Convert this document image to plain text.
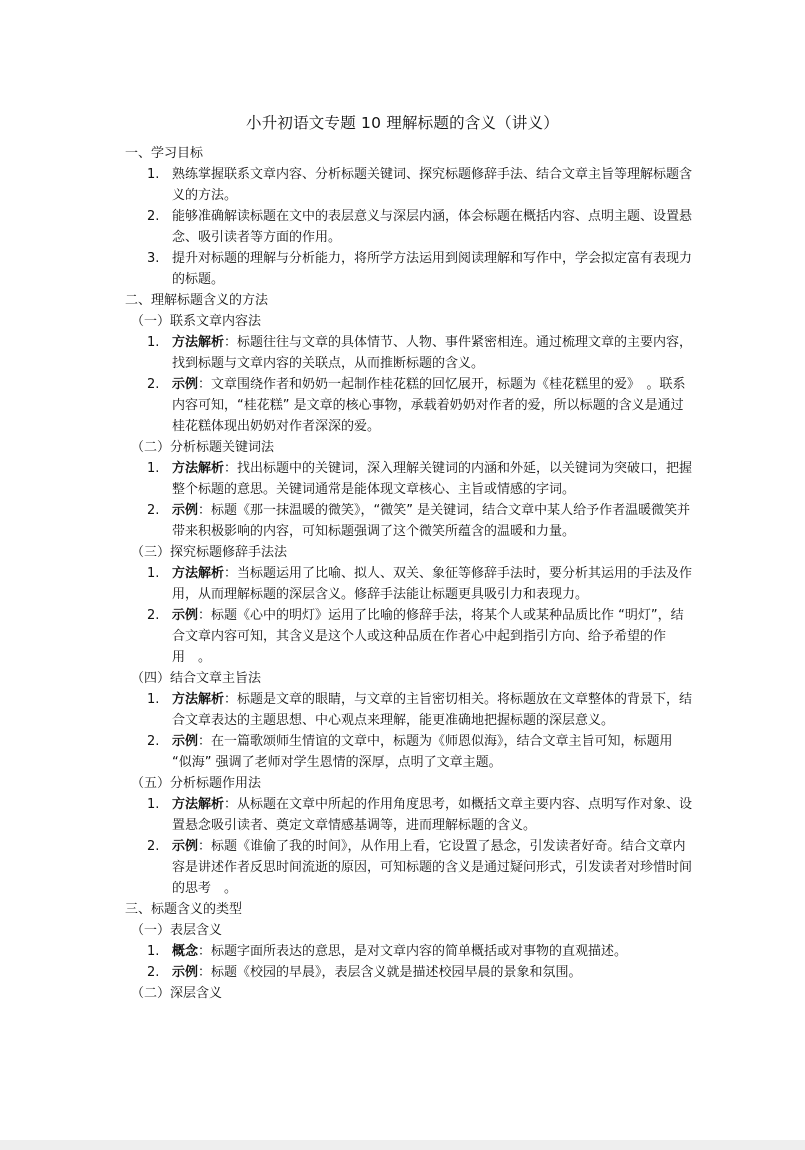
小升初语文专题 10 理解标题的含义（讲义）
一、学习目标
1. 熟练掌握联系文章内容、分析标题关键词、探究标题修辞手法、结合文章主旨等理解标题含义的方法。
2. 能够准确解读标题在文中的表层意义与深层内涵，体会标题在概括内容、点明主题、设置悬念、吸引读者等方面的作用。
3. 提升对标题的理解与分析能力，将所学方法运用到阅读理解和写作中，学会拟定富有表现力的标题。
二、理解标题含义的方法
（一）联系文章内容法
1. 方法解析：标题往往与文章的具体情节、人物、事件紧密相连。通过梳理文章的主要内容，找到标题与文章内容的关联点，从而推断标题的含义。
2. 示例：文章围绕作者和奶奶一起制作桂花糕的回忆展开，标题为《桂花糕里的爱》　。联系内容可知，“桂花糕” 是文章的核心事物，承载着奶奶对作者的爱，所以标题的含义是通过桂花糕体现出奶奶对作者深深的爱。
（二）分析标题关键词法
1. 方法解析：找出标题中的关键词，深入理解关键词的内涵和外延，以关键词为突破口，把握整个标题的意思。关键词通常是能体现文章核心、主旨或情感的字词。
2. 示例：标题《那一抹温暖的微笑》，“微笑” 是关键词，结合文章中某人给予作者温暖微笑并带来积极影响的内容，可知标题强调了这个微笑所蕴含的温暖和力量。
（三）探究标题修辞手法法
1. 方法解析：当标题运用了比喻、拟人、双关、象征等修辞手法时，要分析其运用的手法及作用，从而理解标题的深层含义。修辞手法能让标题更具吸引力和表现力。
2. 示例：标题《心中的明灯》运用了比喻的修辞手法，将某个人或某种品质比作 “明灯”，结合文章内容可知，其含义是这个人或这种品质在作者心中起到指引方向、给予希望的作用　。
（四）结合文章主旨法
1. 方法解析：标题是文章的眼睛，与文章的主旨密切相关。将标题放在文章整体的背景下，结合文章表达的主题思想、中心观点来理解，能更准确地把握标题的深层意义。
2. 示例：在一篇歌颂师生情谊的文章中，标题为《师恩似海》，结合文章主旨可知，标题用 “似海” 强调了老师对学生恩情的深厚，点明了文章主题。
（五）分析标题作用法
1. 方法解析：从标题在文章中所起的作用角度思考，如概括文章主要内容、点明写作对象、设置悬念吸引读者、奠定文章情感基调等，进而理解标题的含义。
2. 示例：标题《谁偷了我的时间》，从作用上看，它设置了悬念，引发读者好奇。结合文章内容是讲述作者反思时间流逝的原因，可知标题的含义是通过疑问形式，引发读者对珍惜时间的思考　。
三、标题含义的类型
（一）表层含义
1. 概念：标题字面所表达的意思，是对文章内容的简单概括或对事物的直观描述。
2. 示例：标题《校园的早晨》，表层含义就是描述校园早晨的景象和氛围。
（二）深层含义
